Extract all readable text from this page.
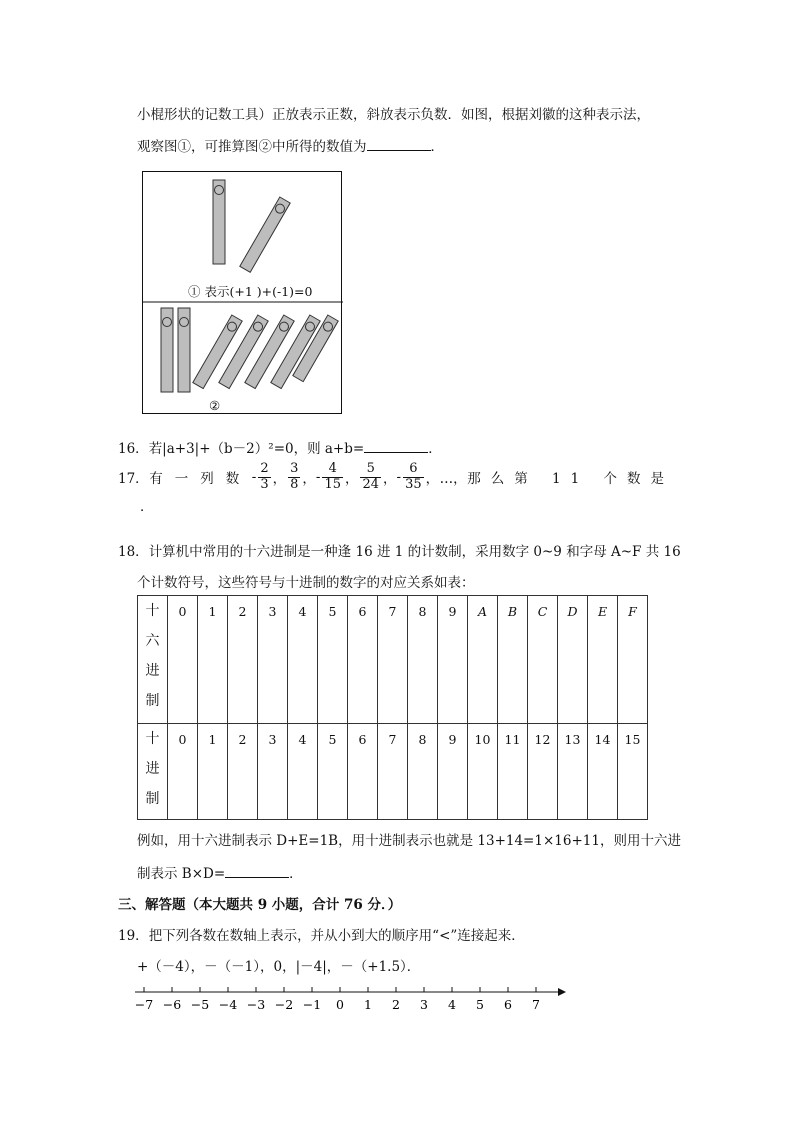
小棍形状的记数工具）正放表示正数，斜放表示负数．如图，根据刘徽的这种表示法，
观察图①，可推算图②中所得的数值为	．
① 表示(+1 )+(-1)=0
②
16．若|a+3|+（b－2）²=0，则 a+b=	．
17． 有一列数 - $\frac{2}{3}$ ， $\frac{3}{8}$ ， - $\frac{4}{15}$ ， $\frac{5}{24}$ ， - $\frac{6}{35}$ ， …， 那么第 11 个数是
．
18．计算机中常用的十六进制是一种逢 16 进 1 的计数制，采用数字 0~9 和字母 A~F 共 16
个计数符号，这些符号与十进制的数字的对应关系如表：
十
六
进
制	0	1	2	3	4	5	6	7	8	9	A	B	C	D	E	F

十
进
制	0	1	2	3	4	5	6	7	8	9	10	11	12	13	14	15
例如，用十六进制表示 D+E=1B，用十进制表示也就是 13+14=1×16+11，则用十六进
制表示 B×D=	．
三、解答题（本大题共 9 小题，合计 76 分．）
19．把下列各数在数轴上表示，并从小到大的顺序用“<”连接起来．
+（－4），－（－1），0，|－4|，－（+1.5）．
−7 −6 −5 −4 −3 −2 −1 0 1 2 3 4 5 6 7
